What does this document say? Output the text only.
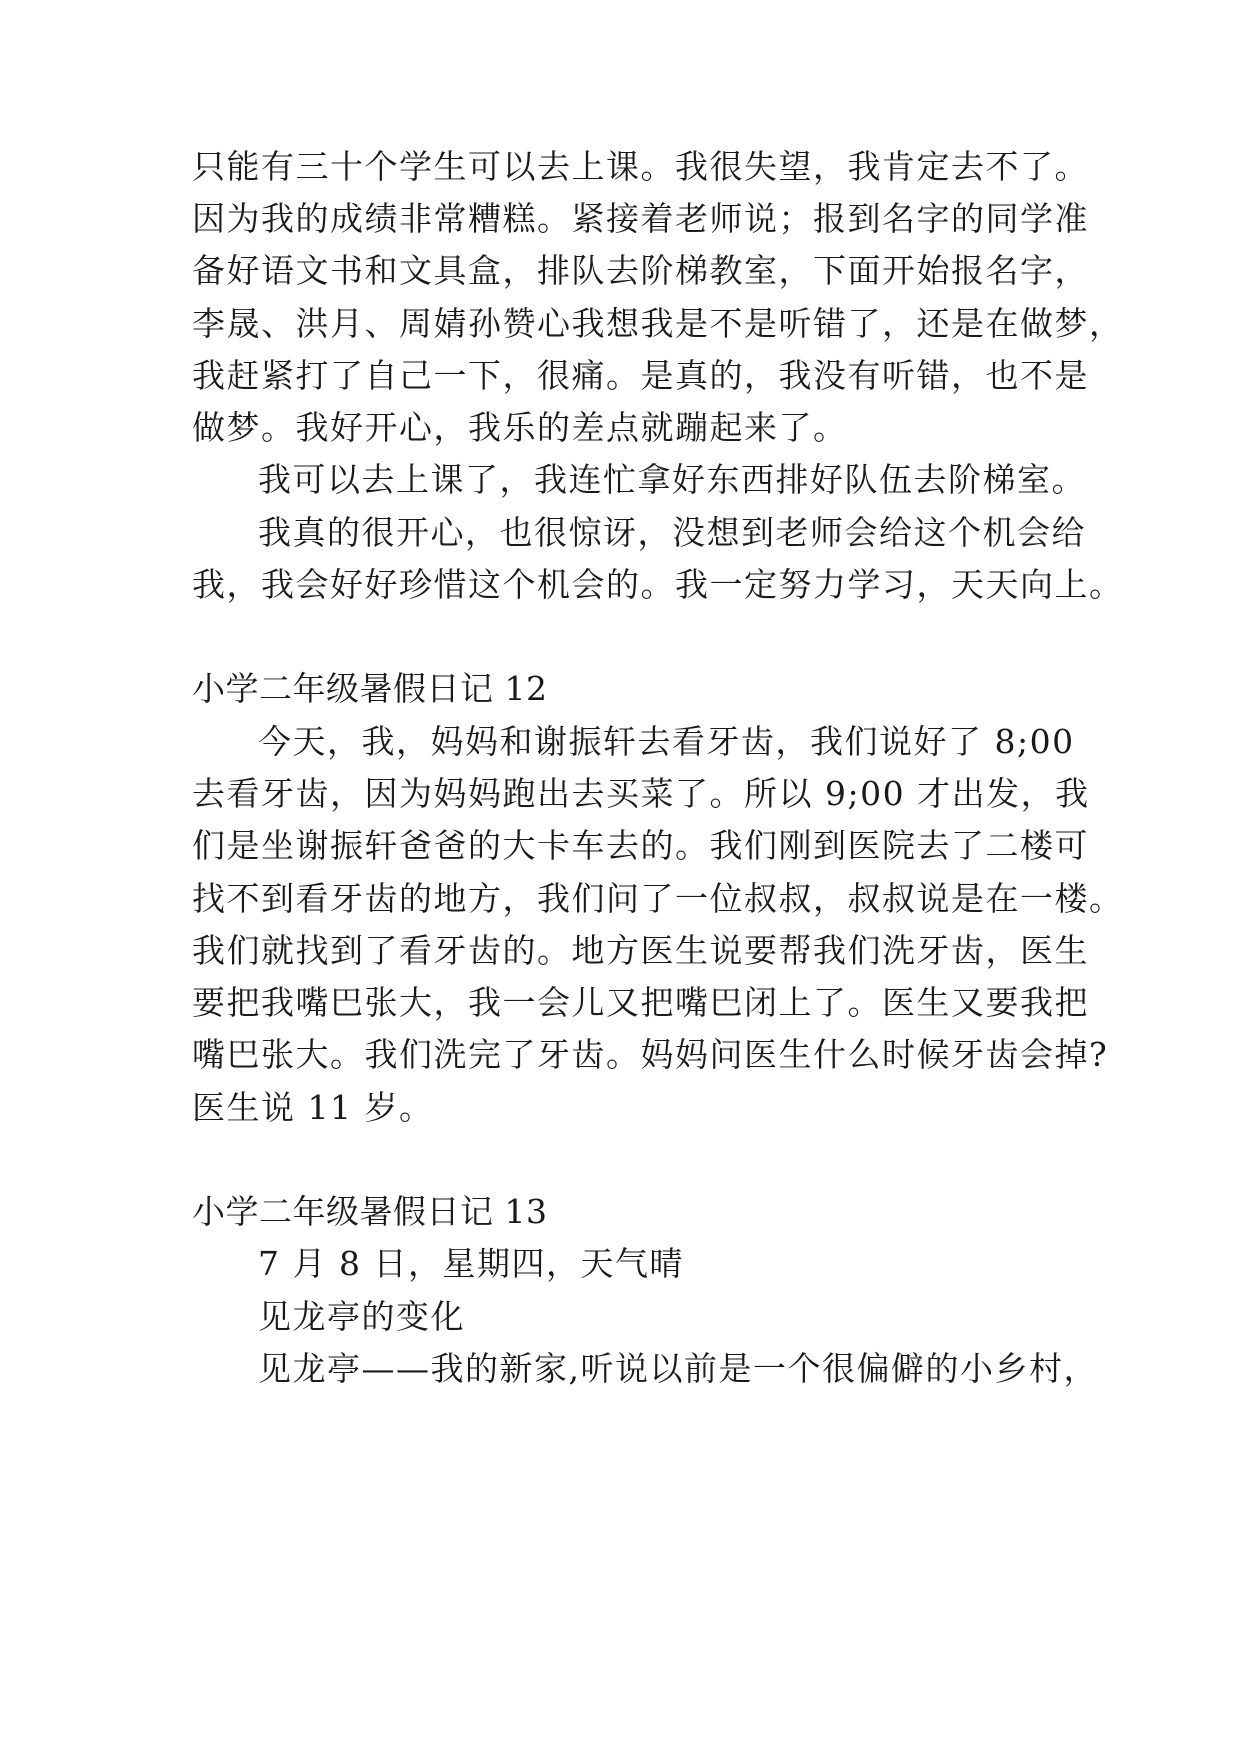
只能有三十个学生可以去上课。我很失望，我肯定去不了。
因为我的成绩非常糟糕。紧接着老师说；报到名字的同学准
备好语文书和文具盒，排队去阶梯教室，下面开始报名字，
李晟、洪月、周婧孙赞心我想我是不是听错了，还是在做梦，
我赶紧打了自己一下，很痛。是真的，我没有听错，也不是
做梦。我好开心，我乐的差点就蹦起来了。
我可以去上课了，我连忙拿好东西排好队伍去阶梯室。
我真的很开心，也很惊讶，没想到老师会给这个机会给
我，我会好好珍惜这个机会的。我一定努力学习，天天向上。
小学二年级暑假日记 12
今天，我，妈妈和谢振轩去看牙齿，我们说好了 8;00
去看牙齿，因为妈妈跑出去买菜了。所以 9;00 才出发，我
们是坐谢振轩爸爸的大卡车去的。我们刚到医院去了二楼可
找不到看牙齿的地方，我们问了一位叔叔，叔叔说是在一楼。
我们就找到了看牙齿的。地方医生说要帮我们洗牙齿，医生
要把我嘴巴张大，我一会儿又把嘴巴闭上了。医生又要我把
嘴巴张大。我们洗完了牙齿。妈妈问医生什么时候牙齿会掉?
医生说 11 岁。
小学二年级暑假日记 13
7 月 8 日，星期四，天气晴
见龙亭的变化
见龙亭——我的新家,听说以前是一个很偏僻的小乡村，
